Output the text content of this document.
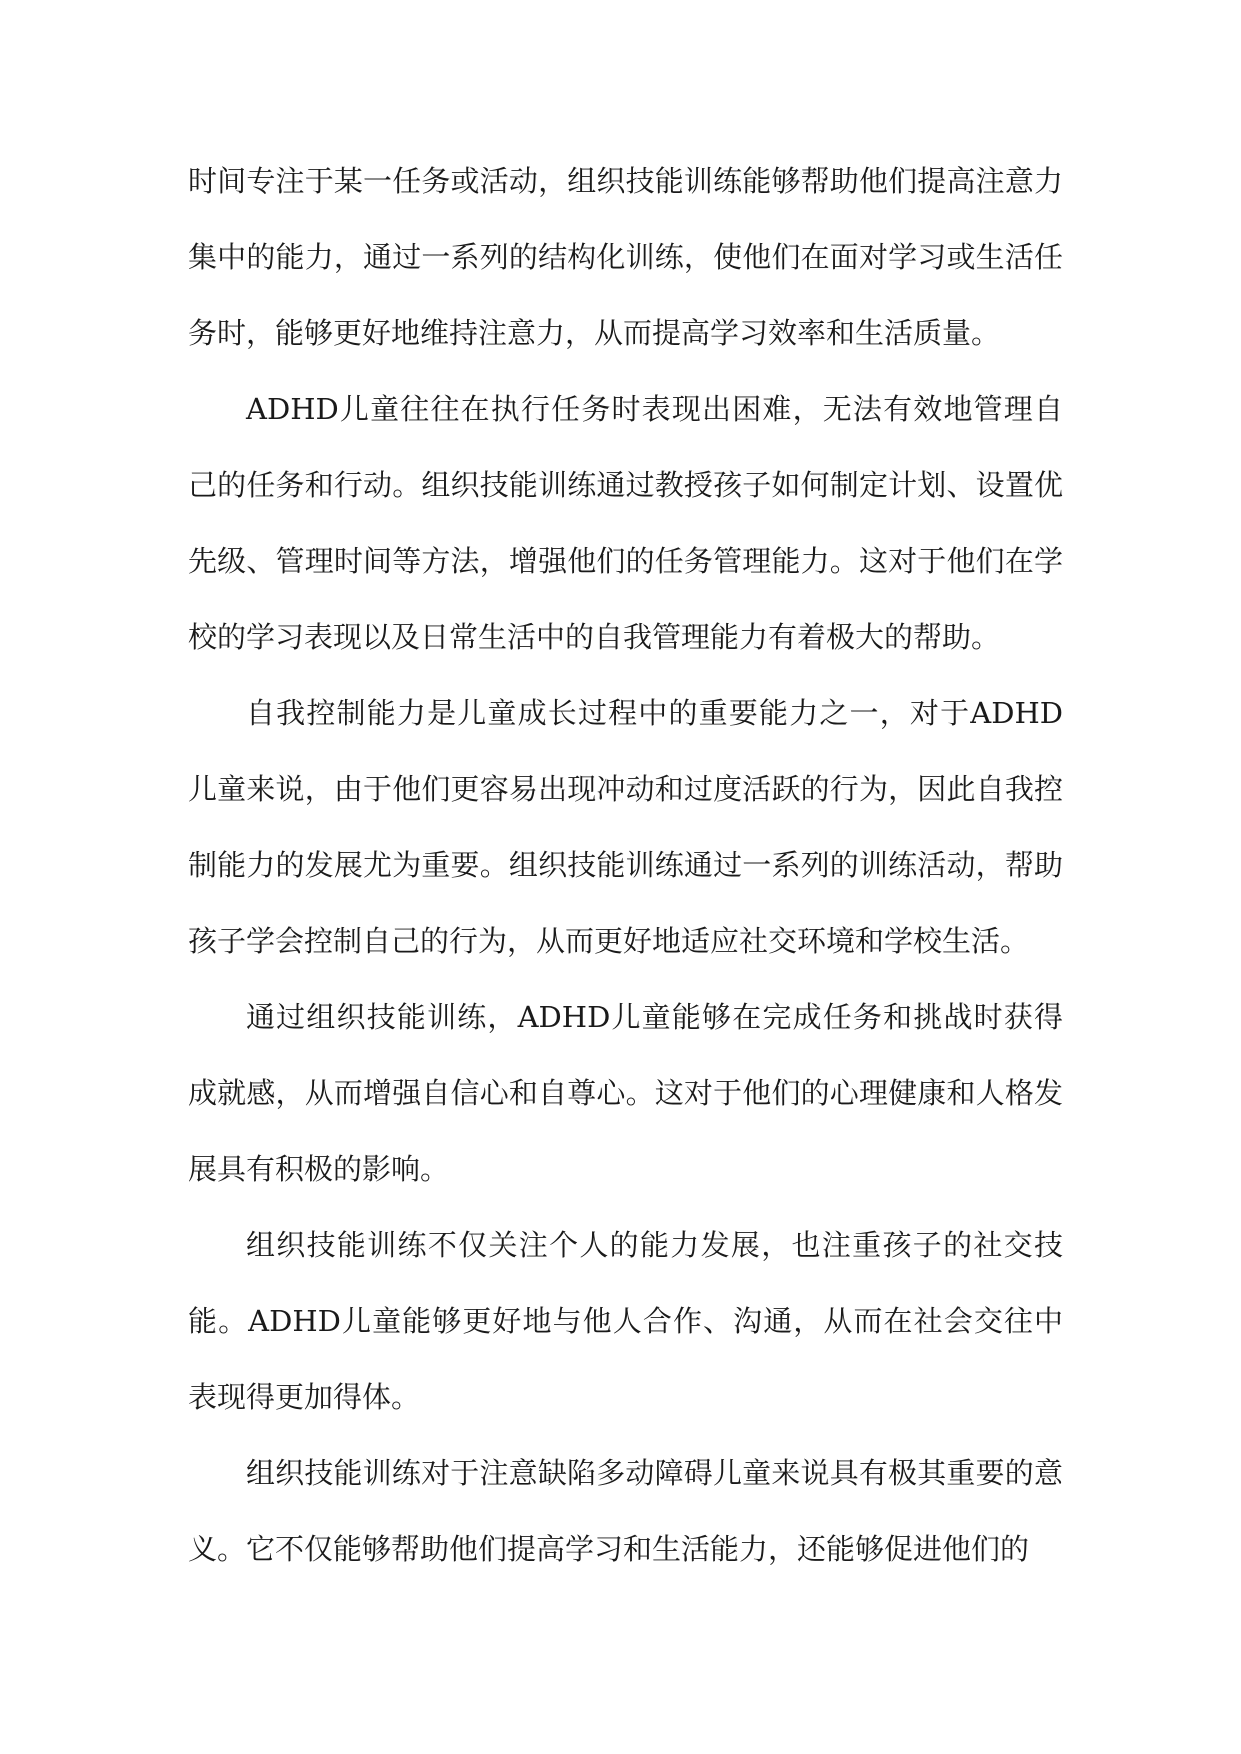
时间专注于某一任务或活动，组织技能训练能够帮助他们提高注意力集中的能力，通过一系列的结构化训练，使他们在面对学习或生活任务时，能够更好地维持注意力，从而提高学习效率和生活质量。

ADHD儿童往往在执行任务时表现出困难，无法有效地管理自己的任务和行动。组织技能训练通过教授孩子如何制定计划、设置优先级、管理时间等方法，增强他们的任务管理能力。这对于他们在学校的学习表现以及日常生活中的自我管理能力有着极大的帮助。

自我控制能力是儿童成长过程中的重要能力之一，对于ADHD儿童来说，由于他们更容易出现冲动和过度活跃的行为，因此自我控制能力的发展尤为重要。组织技能训练通过一系列的训练活动，帮助孩子学会控制自己的行为，从而更好地适应社交环境和学校生活。

通过组织技能训练，ADHD儿童能够在完成任务和挑战时获得成就感，从而增强自信心和自尊心。这对于他们的心理健康和人格发展具有积极的影响。

组织技能训练不仅关注个人的能力发展，也注重孩子的社交技能。ADHD儿童能够更好地与他人合作、沟通，从而在社会交往中表现得更加得体。

组织技能训练对于注意缺陷多动障碍儿童来说具有极其重要的意义。它不仅能够帮助他们提高学习和生活能力，还能够促进他们的
